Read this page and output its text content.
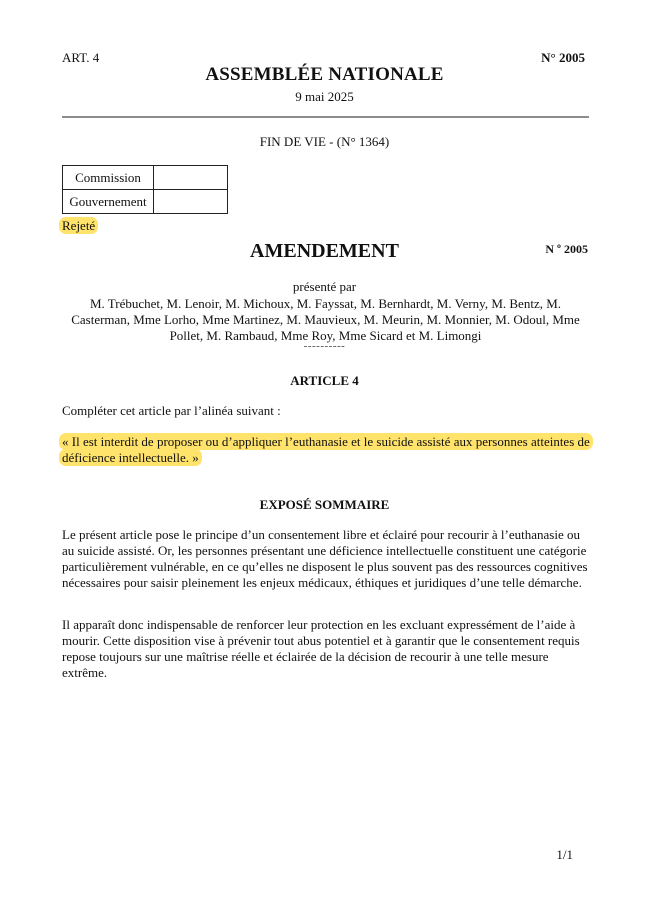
ART. 4	N° 2005
ASSEMBLÉE NATIONALE
9 mai 2025
FIN DE VIE - (N° 1364)
Commission	
Gouvernement	
Rejeté
AMENDEMENT	N º 2005
présenté par
M. Trébuchet, M. Lenoir, M. Michoux, M. Fayssat, M. Bernhardt, M. Verny, M. Bentz, M. Casterman, Mme Lorho, Mme Martinez, M. Mauvieux, M. Meurin, M. Monnier, M. Odoul, Mme Pollet, M. Rambaud, Mme Roy, Mme Sicard et M. Limongi
----------
ARTICLE 4
Compléter cet article par l’alinéa suivant :
« Il est interdit de proposer ou d’appliquer l’euthanasie et le suicide assisté aux personnes atteintes de déficience intellectuelle. »
EXPOSÉ SOMMAIRE
Le présent article pose le principe d’un consentement libre et éclairé pour recourir à l’euthanasie ou au suicide assisté. Or, les personnes présentant une déficience intellectuelle constituent une catégorie particulièrement vulnérable, en ce qu’elles ne disposent le plus souvent pas des ressources cognitives nécessaires pour saisir pleinement les enjeux médicaux, éthiques et juridiques d’une telle démarche.
Il apparaît donc indispensable de renforcer leur protection en les excluant expressément de l’aide à mourir. Cette disposition vise à prévenir tout abus potentiel et à garantir que le consentement requis repose toujours sur une maîtrise réelle et éclairée de la décision de recourir à une telle mesure extrême.
1/1
